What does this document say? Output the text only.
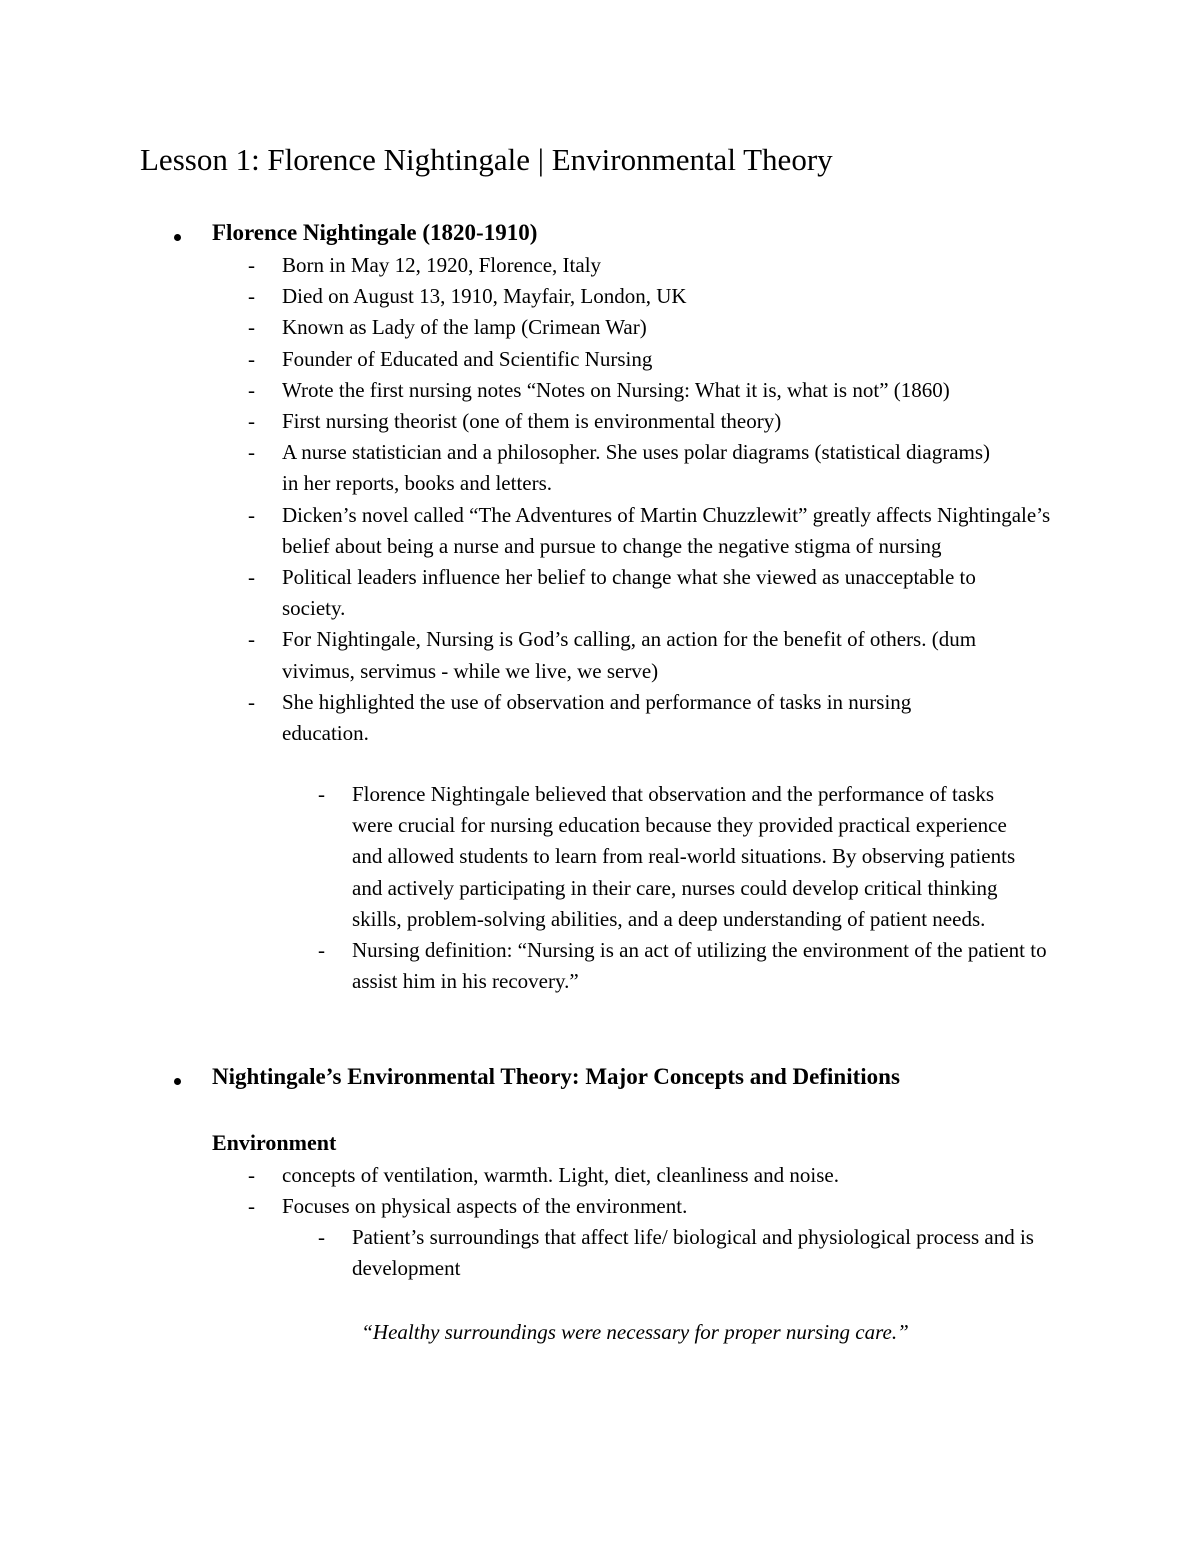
Lesson 1: Florence Nightingale | Environmental Theory
Florence Nightingale (1820-1910)
- Born in May 12, 1920, Florence, Italy
- Died on August 13, 1910, Mayfair, London, UK
- Known as Lady of the lamp (Crimean War)
- Founder of Educated and Scientific Nursing
- Wrote the first nursing notes “Notes on Nursing: What it is, what is not” (1860)
- First nursing theorist (one of them is environmental theory)
- A nurse statistician and a philosopher. She uses polar diagrams (statistical diagrams) in her reports, books and letters.
- Dicken’s novel called “The Adventures of Martin Chuzzlewit” greatly affects Nightingale’s belief about being a nurse and pursue to change the negative stigma of nursing
- Political leaders influence her belief to change what she viewed as unacceptable to society.
- For Nightingale, Nursing is God’s calling, an action for the benefit of others. (dum vivimus, servimus - while we live, we serve)
- She highlighted the use of observation and performance of tasks in nursing education.
- Florence Nightingale believed that observation and the performance of tasks were crucial for nursing education because they provided practical experience and allowed students to learn from real-world situations. By observing patients and actively participating in their care, nurses could develop critical thinking skills, problem-solving abilities, and a deep understanding of patient needs.
- Nursing definition: “Nursing is an act of utilizing the environment of the patient to assist him in his recovery.”
Nightingale’s Environmental Theory: Major Concepts and Definitions
Environment
- concepts of ventilation, warmth. Light, diet, cleanliness and noise.
- Focuses on physical aspects of the environment.
- Patient’s surroundings that affect life/ biological and physiological process and is development
“Healthy surroundings were necessary for proper nursing care.”
